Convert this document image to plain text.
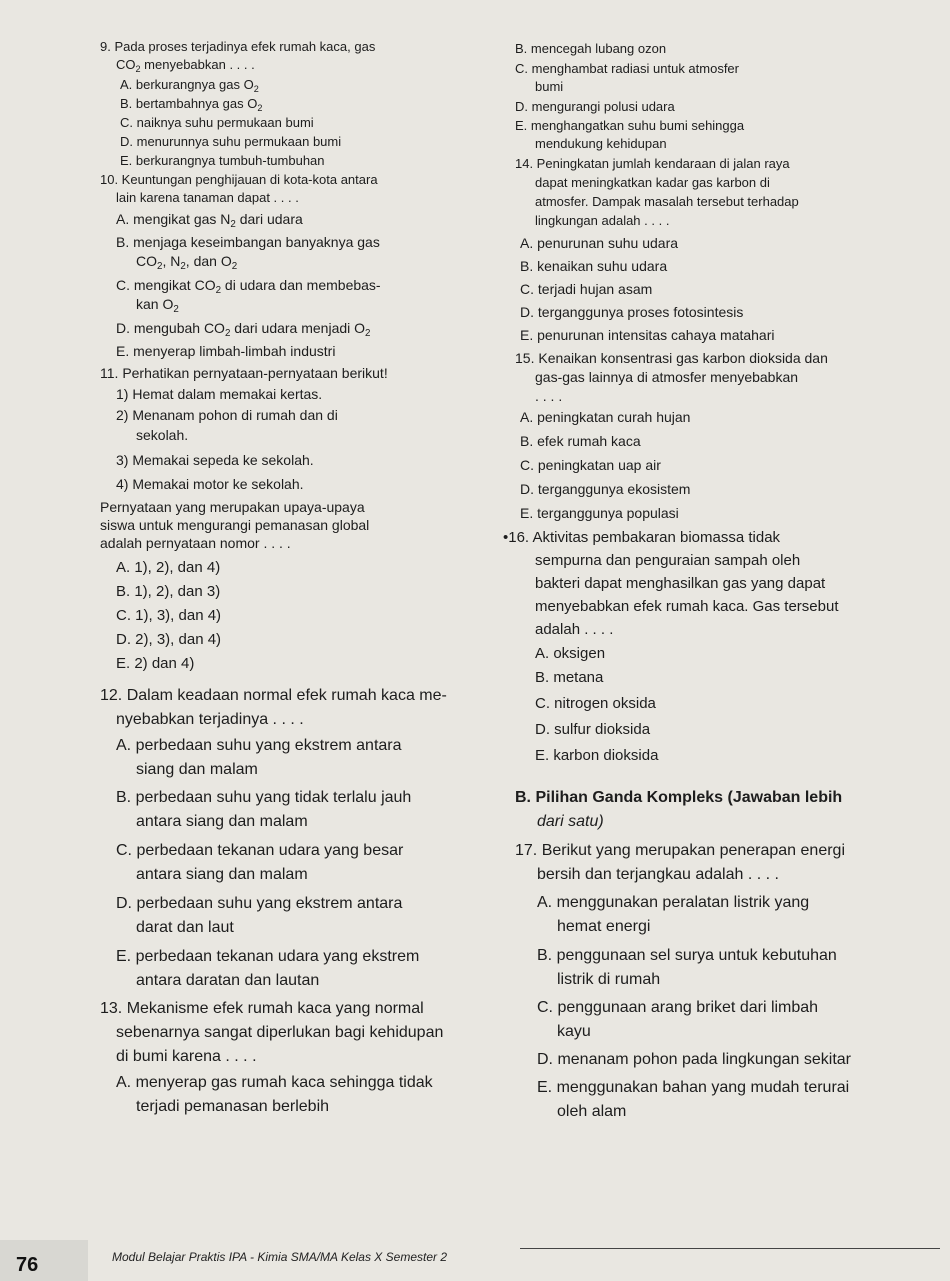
9. Pada proses terjadinya efek rumah kaca, gas
$CO_2$ menyebabkan . . . .
A. berkurangnya gas $O_2$
B. bertambahnya gas $O_2$
C. naiknya suhu permukaan bumi
D. menurunnya suhu permukaan bumi
E. berkurangnya tumbuh-tumbuhan
10. Keuntungan penghijauan di kota-kota antara
lain karena tanaman dapat . . . .
A. mengikat gas $N_2$ dari udara
B. menjaga keseimbangan banyaknya gas
$CO_2$, $N_2$, dan $O_2$
C. mengikat $CO_2$ di udara dan membebas-
kan $O_2$
D. mengubah $CO_2$ dari udara menjadi $O_2$
E. menyerap limbah-limbah industri
11. Perhatikan pernyataan-pernyataan berikut!
1) Hemat dalam memakai kertas.
2) Menanam pohon di rumah dan di
sekolah.
3) Memakai sepeda ke sekolah.
4) Memakai motor ke sekolah.
Pernyataan yang merupakan upaya-upaya
siswa untuk mengurangi pemanasan global
adalah pernyataan nomor . . . .
A. 1), 2), dan 4)
B. 1), 2), dan 3)
C. 1), 3), dan 4)
D. 2), 3), dan 4)
E. 2) dan 4)
12. Dalam keadaan normal efek rumah kaca me-
nyebabkan terjadinya . . . .
A. perbedaan suhu yang ekstrem antara
siang dan malam
B. perbedaan suhu yang tidak terlalu jauh
antara siang dan malam
C. perbedaan tekanan udara yang besar
antara siang dan malam
D. perbedaan suhu yang ekstrem antara
darat dan laut
E. perbedaan tekanan udara yang ekstrem
antara daratan dan lautan
13. Mekanisme efek rumah kaca yang normal
sebenarnya sangat diperlukan bagi kehidupan
di bumi karena . . . .
A. menyerap gas rumah kaca sehingga tidak
terjadi pemanasan berlebih
B. mencegah lubang ozon
C. menghambat radiasi untuk atmosfer
bumi
D. mengurangi polusi udara
E. menghangatkan suhu bumi sehingga
mendukung kehidupan
14. Peningkatan jumlah kendaraan di jalan raya
dapat meningkatkan kadar gas karbon di
atmosfer. Dampak masalah tersebut terhadap
lingkungan adalah . . . .
A. penurunan suhu udara
B. kenaikan suhu udara
C. terjadi hujan asam
D. terganggunya proses fotosintesis
E. penurunan intensitas cahaya matahari
15. Kenaikan konsentrasi gas karbon dioksida dan
gas-gas lainnya di atmosfer menyebabkan
. . . .
A. peningkatan curah hujan
B. efek rumah kaca
C. peningkatan uap air
D. terganggunya ekosistem
E. terganggunya populasi
•16. Aktivitas pembakaran biomassa tidak
sempurna dan penguraian sampah oleh
bakteri dapat menghasilkan gas yang dapat
menyebabkan efek rumah kaca. Gas tersebut
adalah . . . .
A. oksigen
B. metana
C. nitrogen oksida
D. sulfur dioksida
E. karbon dioksida
B. Pilihan Ganda Kompleks (Jawaban lebih
dari satu)
17. Berikut yang merupakan penerapan energi
bersih dan terjangkau adalah . . . .
A. menggunakan peralatan listrik yang
hemat energi
B. penggunaan sel surya untuk kebutuhan
listrik di rumah
C. penggunaan arang briket dari limbah
kayu
D. menanam pohon pada lingkungan sekitar
E. menggunakan bahan yang mudah terurai
oleh alam
76	Modul Belajar Praktis IPA - Kimia SMA/MA Kelas X Semester 2
